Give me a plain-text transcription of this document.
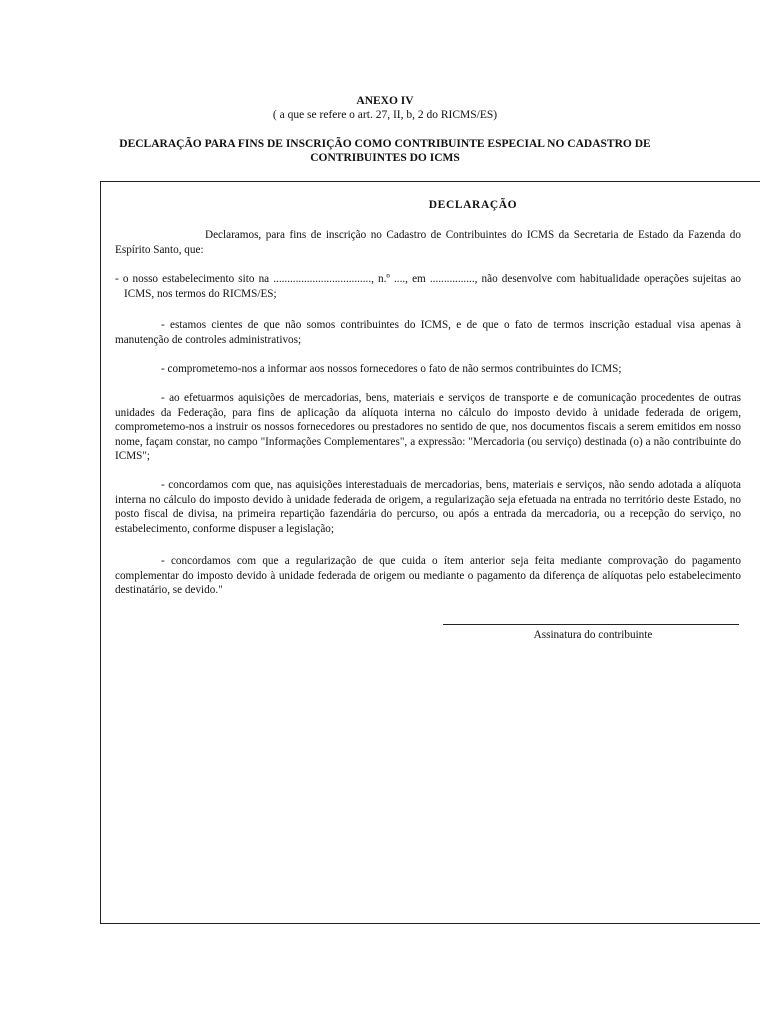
ANEXO IV
( a que se refere o art. 27, II, b, 2 do RICMS/ES)
DECLARAÇÃO PARA FINS DE INSCRIÇÃO COMO CONTRIBUINTE ESPECIAL NO CADASTRO DE CONTRIBUINTES DO ICMS
DECLARAÇÃO
Declaramos, para fins de inscrição no Cadastro de Contribuintes do ICMS da Secretaria de Estado da Fazenda do Espírito Santo, que:
- o nosso estabelecimento sito na ..................................., n.º ...., em ................, não desenvolve com habitualidade operações sujeitas ao ICMS, nos termos do RICMS/ES;
- estamos cientes de que não somos contribuintes do ICMS, e de que o fato de termos inscrição estadual visa apenas à manutenção de controles administrativos;
- comprometemo-nos a informar aos nossos fornecedores o fato de não sermos contribuintes do ICMS;
- ao efetuarmos aquisições de mercadorias, bens, materiais e serviços de transporte e de comunicação procedentes de outras unidades da Federação, para fins de aplicação da alíquota interna no cálculo do imposto devido à unidade federada de origem, comprometemo-nos a instruir os nossos fornecedores ou prestadores no sentido de que, nos documentos fiscais a serem emitidos em nosso nome, façam constar, no campo "Informações Complementares", a expressão: "Mercadoria (ou serviço) destinada (o) a não contribuinte do ICMS";
- concordamos com que, nas aquisições interestaduais de mercadorias, bens, materiais e serviços, não sendo adotada a alíquota interna no cálculo do imposto devido à unidade federada de origem, a regularização seja efetuada na entrada no território deste Estado, no posto fiscal de divisa, na primeira repartição fazendária do percurso, ou após a entrada da mercadoria, ou a recepção do serviço, no estabelecimento, conforme dispuser a legislação;
- concordamos com que a regularização de que cuida o ítem anterior seja feita mediante comprovação do pagamento complementar do imposto devido à unidade federada de origem ou mediante o pagamento da diferença de alíquotas pelo estabelecimento destinatário, se devido."
Assinatura do contribuinte
